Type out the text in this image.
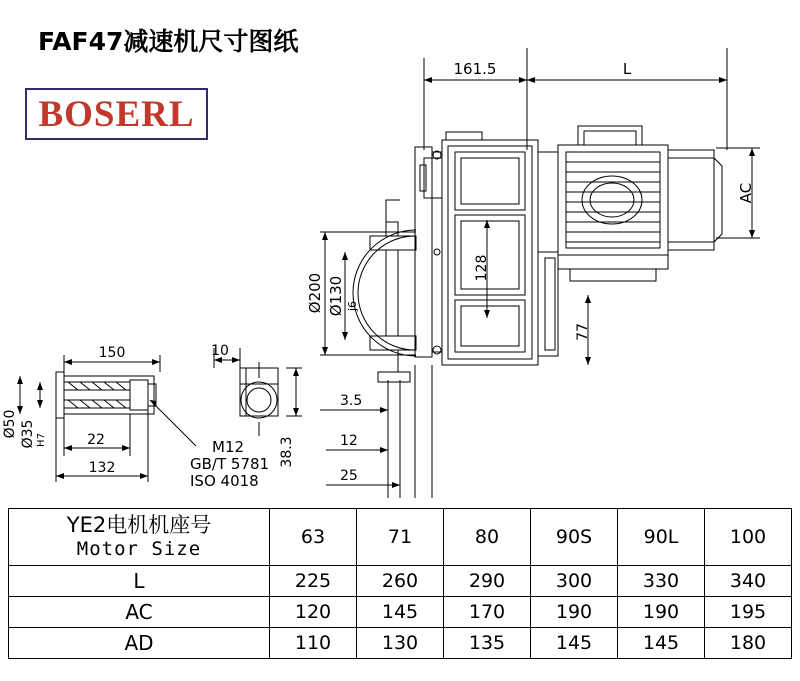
FAF47减速机尺寸图纸
BOSERL
161.5	L
AC
128
77
Ø200 Ø130 j6
3.5
12
25
150
Ø50 Ø35 H7	22
132
M12
GB/T 5781
ISO 4018
10
38.3
YE2电机机座号
Motor Size	63	71	80	90S	90L	100
L	225	260	290	300	330	340
AC	120	145	170	190	190	195
AD	110	130	135	145	145	180
